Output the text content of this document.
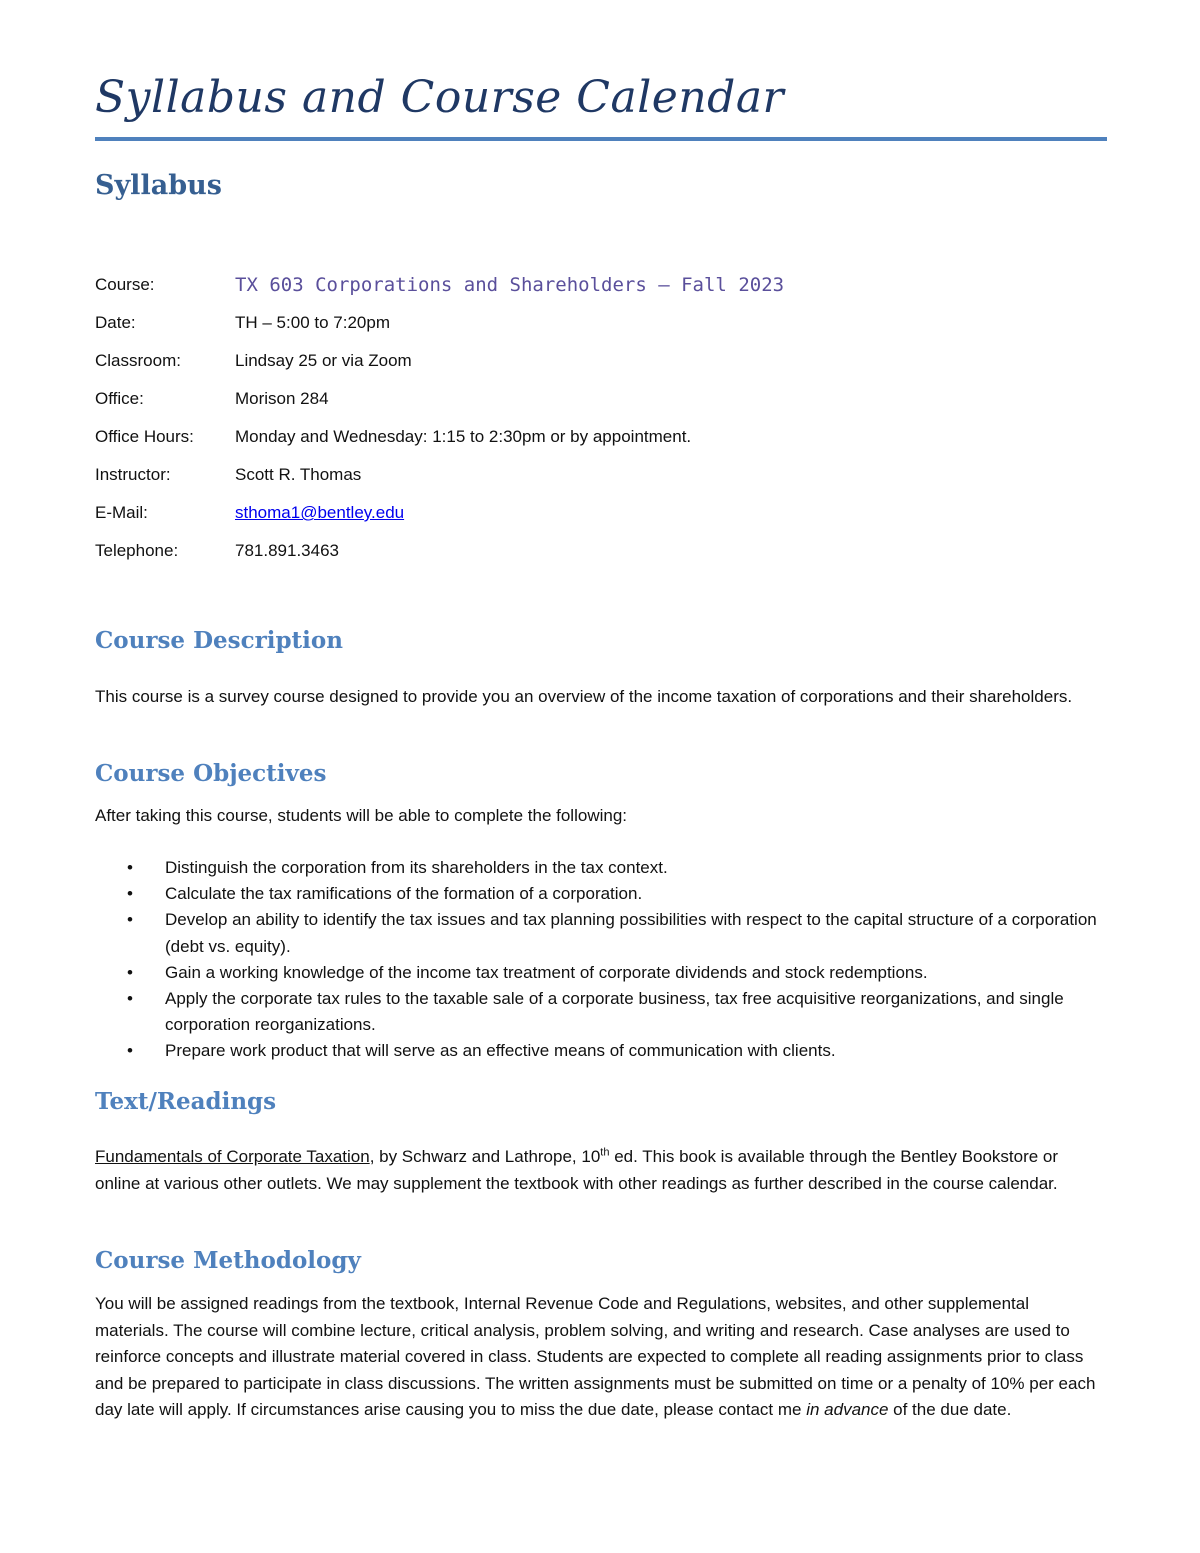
Syllabus and Course Calendar
Syllabus
Course:	TX 603 Corporations and Shareholders – Fall 2023
Date:	TH – 5:00 to 7:20pm
Classroom:	Lindsay 25 or via Zoom
Office:	Morison 284
Office Hours: Monday and Wednesday: 1:15 to 2:30pm or by appointment.
Instructor:	Scott R. Thomas
E-Mail:	sthoma1@bentley.edu
Telephone:	781.891.3463
Course Description

This course is a survey course designed to provide you an overview of the income taxation of corporations and their shareholders.

Course Objectives

After taking this course, students will be able to complete the following:

• Distinguish the corporation from its shareholders in the tax context.
• Calculate the tax ramifications of the formation of a corporation.
• Develop an ability to identify the tax issues and tax planning possibilities with respect to the capital structure of a corporation (debt vs. equity).
• Gain a working knowledge of the income tax treatment of corporate dividends and stock redemptions.
• Apply the corporate tax rules to the taxable sale of a corporate business, tax free acquisitive reorganizations, and single corporation reorganizations.
• Prepare work product that will serve as an effective means of communication with clients.
Text/Readings

Fundamentals of Corporate Taxation, by Schwarz and Lathrope, 10th ed. This book is available through the Bentley Bookstore or online at various other outlets. We may supplement the textbook with other readings as further described in the course calendar.

Course Methodology

You will be assigned readings from the textbook, Internal Revenue Code and Regulations, websites, and other supplemental materials. The course will combine lecture, critical analysis, problem solving, and writing and research. Case analyses are used to reinforce concepts and illustrate material covered in class. Students are expected to complete all reading assignments prior to class and be prepared to participate in class discussions. The written assignments must be submitted on time or a penalty of 10% per each day late will apply. If circumstances arise causing you to miss the due date, please contact me in advance of the due date.
